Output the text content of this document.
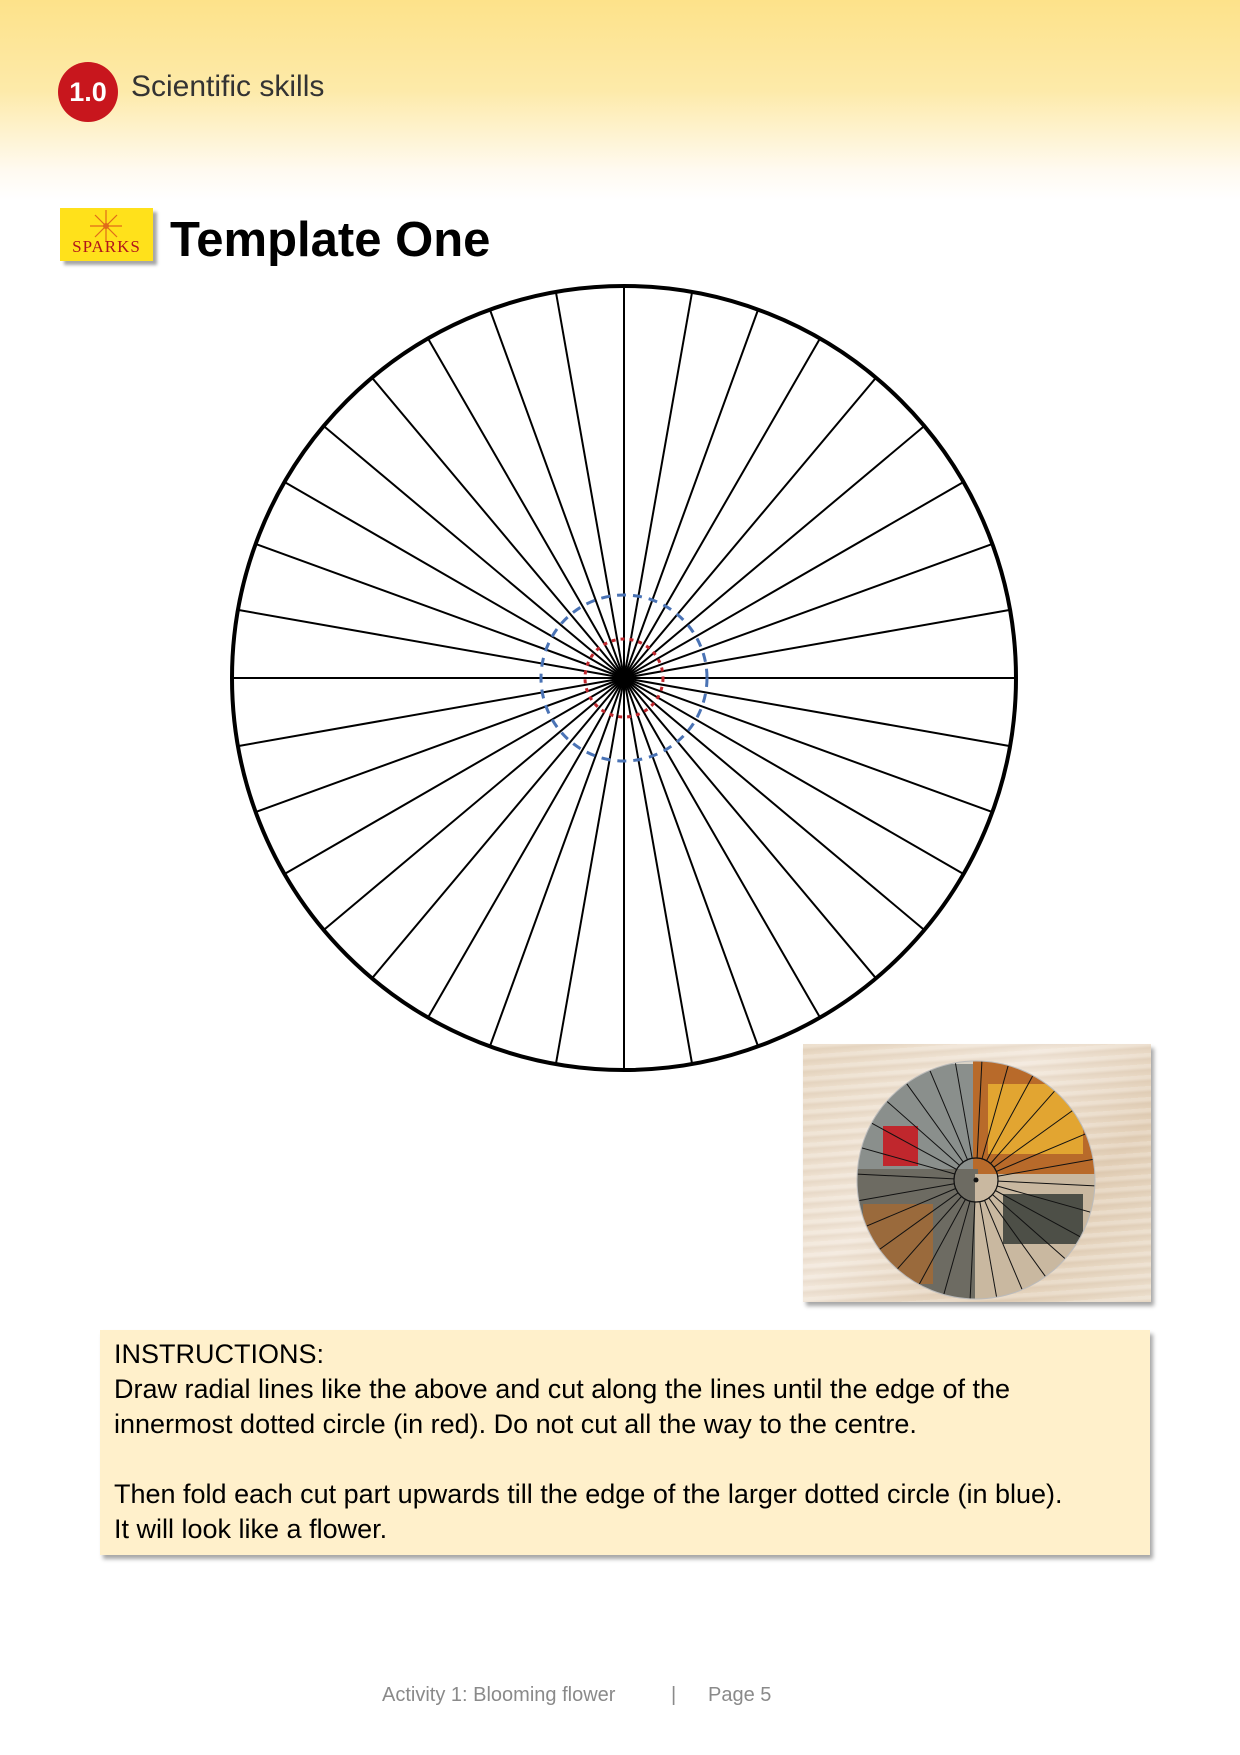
1.0 Scientific skills
SPARKS Template One

INSTRUCTIONS:

Draw radial lines like the above and cut along the lines until the edge of the

innermost dotted circle (in red). Do not cut all the way to the centre.

Then fold each cut part upwards till the edge of the larger dotted circle (in blue).

It will look like a flower.

Activity 1: Blooming flower	| Page 5
